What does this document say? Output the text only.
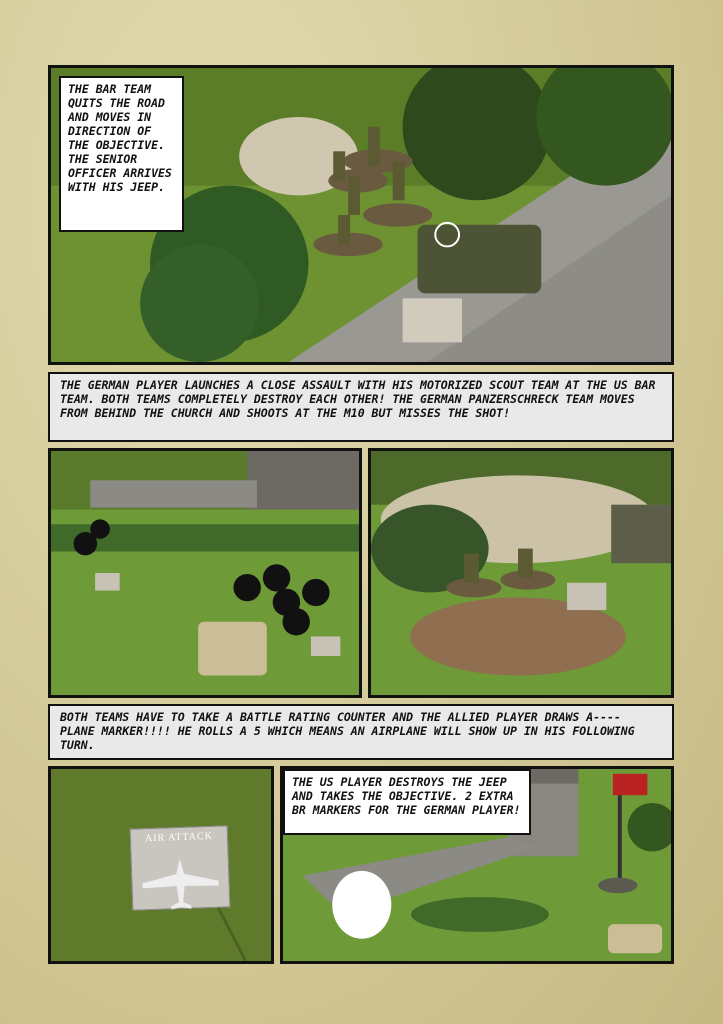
THE BAR TEAM QUITS THE ROAD AND MOVES IN DIRECTION OF THE OBJECTIVE. THE SENIOR OFFICER ARRIVES WITH HIS JEEP.
THE GERMAN PLAYER LAUNCHES A CLOSE ASSAULT WITH HIS MOTORIZED SCOUT TEAM AT THE US BAR TEAM. BOTH TEAMS COMPLETELY DESTROY EACH OTHER! THE GERMAN PANZERSCHRECK TEAM MOVES FROM BEHIND THE CHURCH AND SHOOTS AT THE M10 BUT MISSES THE SHOT!
BOTH TEAMS HAVE TO TAKE A BATTLE RATING COUNTER AND THE ALLIED PLAYER DRAWS A---- PLANE MARKER!!!! HE ROLLS A 5 WHICH MEANS AN AIRPLANE WILL SHOW UP IN HIS FOLLOWING TURN.
AIR ATTACK
THE US PLAYER DESTROYS THE JEEP AND TAKES THE OBJECTIVE. 2 EXTRA BR MARKERS FOR THE GERMAN PLAYER!
